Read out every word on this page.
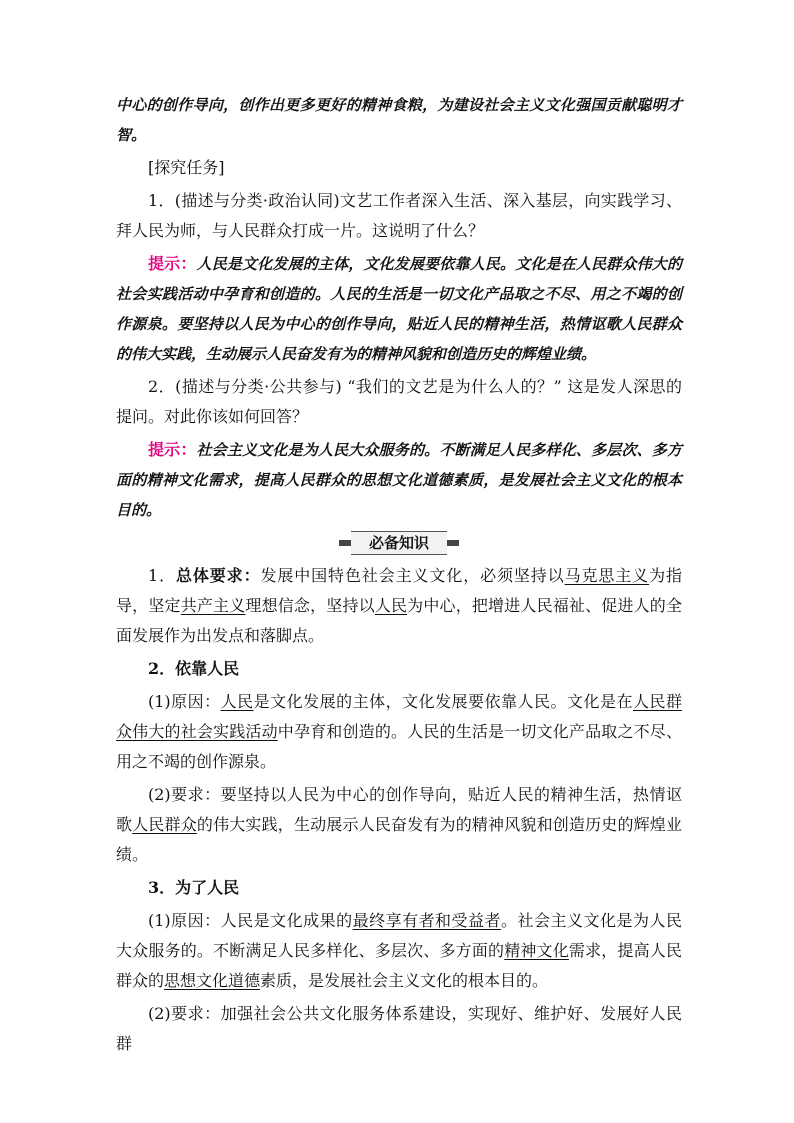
中心的创作导向，创作出更多更好的精神食粮，为建设社会主义文化强国贡献聪明才智。

[探究任务]

1．(描述与分类·政治认同)文艺工作者深入生活、深入基层，向实践学习、拜人民为师，与人民群众打成一片。这说明了什么？

提示：人民是文化发展的主体，文化发展要依靠人民。文化是在人民群众伟大的社会实践活动中孕育和创造的。人民的生活是一切文化产品取之不尽、用之不竭的创作源泉。要坚持以人民为中心的创作导向，贴近人民的精神生活，热情讴歌人民群众的伟大实践，生动展示人民奋发有为的精神风貌和创造历史的辉煌业绩。

2．(描述与分类·公共参与) “我们的文艺是为什么人的？” 这是发人深思的提问。对此你该如何回答？

提示：社会主义文化是为人民大众服务的。不断满足人民多样化、多层次、多方面的精神文化需求，提高人民群众的思想文化道德素质，是发展社会主义文化的根本目的。

必备知识

1．总体要求：发展中国特色社会主义文化，必须坚持以马克思主义为指导，坚定共产主义理想信念，坚持以人民为中心，把增进人民福祉、促进人的全面发展作为出发点和落脚点。

2．依靠人民

(1)原因：人民是文化发展的主体，文化发展要依靠人民。文化是在人民群众伟大的社会实践活动中孕育和创造的。人民的生活是一切文化产品取之不尽、用之不竭的创作源泉。

(2)要求：要坚持以人民为中心的创作导向，贴近人民的精神生活，热情讴歌人民群众的伟大实践，生动展示人民奋发有为的精神风貌和创造历史的辉煌业绩。

3．为了人民

(1)原因：人民是文化成果的最终享有者和受益者。社会主义文化是为人民大众服务的。不断满足人民多样化、多层次、多方面的精神文化需求，提高人民群众的思想文化道德素质，是发展社会主义文化的根本目的。

(2)要求：加强社会公共文化服务体系建设，实现好、维护好、发展好人民群
